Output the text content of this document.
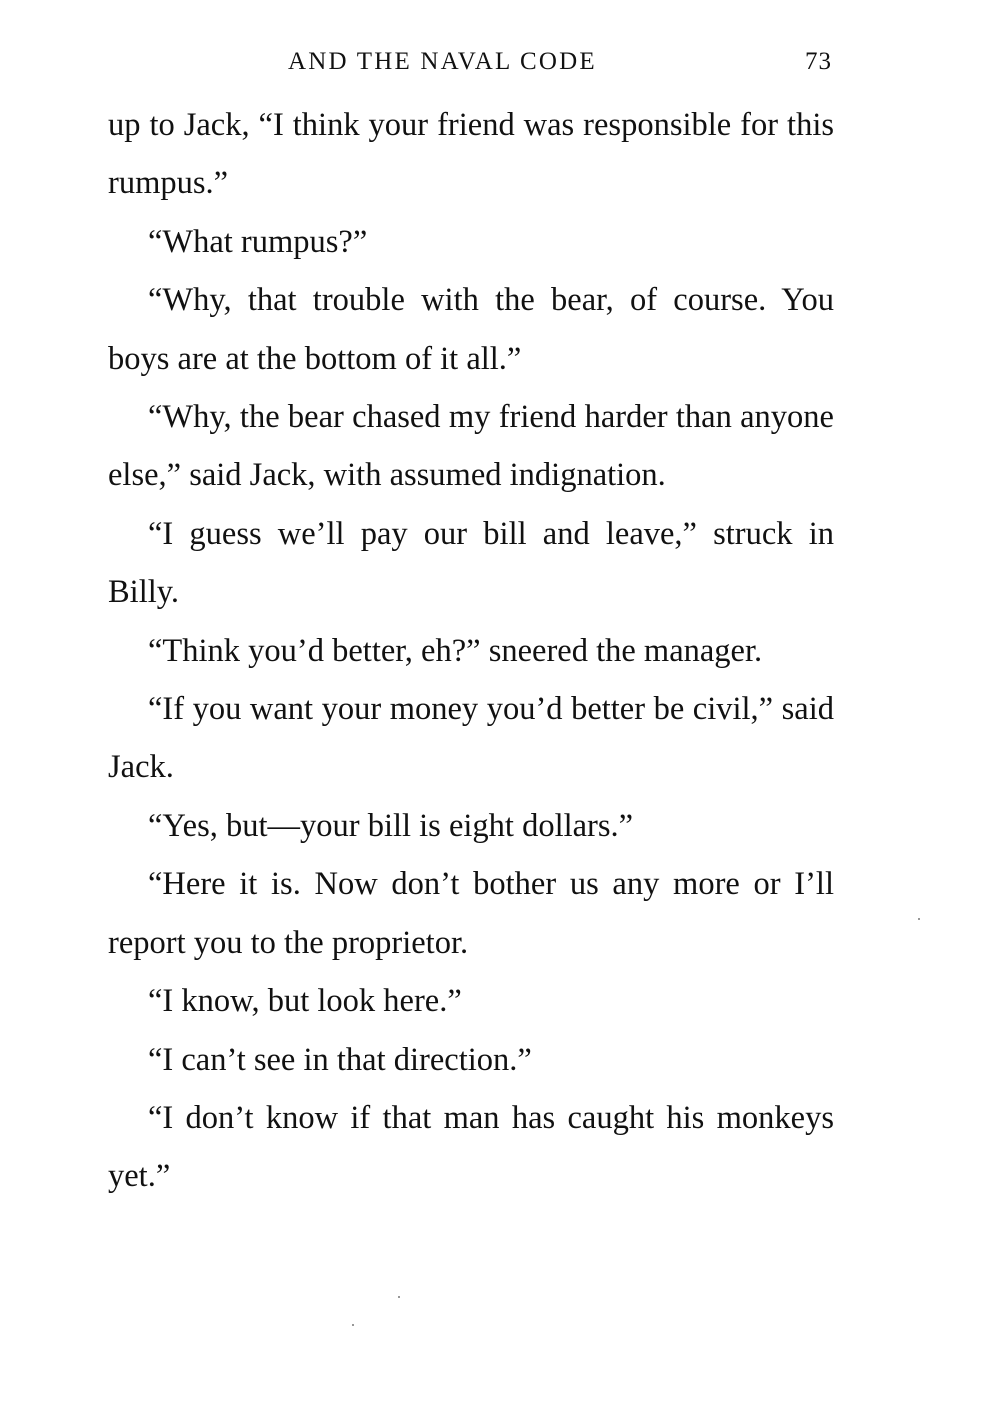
AND THE NAVAL CODE	73

up to Jack, “I think your friend was responsible for this rumpus.”

“What rumpus?”

“Why, that trouble with the bear, of course. You boys are at the bottom of it all.”

“Why, the bear chased my friend harder than anyone else,” said Jack, with assumed indignation.

“I guess we’ll pay our bill and leave,” struck in Billy.

“Think you’d better, eh?” sneered the manager.

“If you want your money you’d better be civil,” said Jack.

“Yes, but—your bill is eight dollars.”

“Here it is. Now don’t bother us any more or I’ll report you to the proprietor.

“I know, but look here.”

“I can’t see in that direction.”

“I don’t know if that man has caught his monkeys yet.”
